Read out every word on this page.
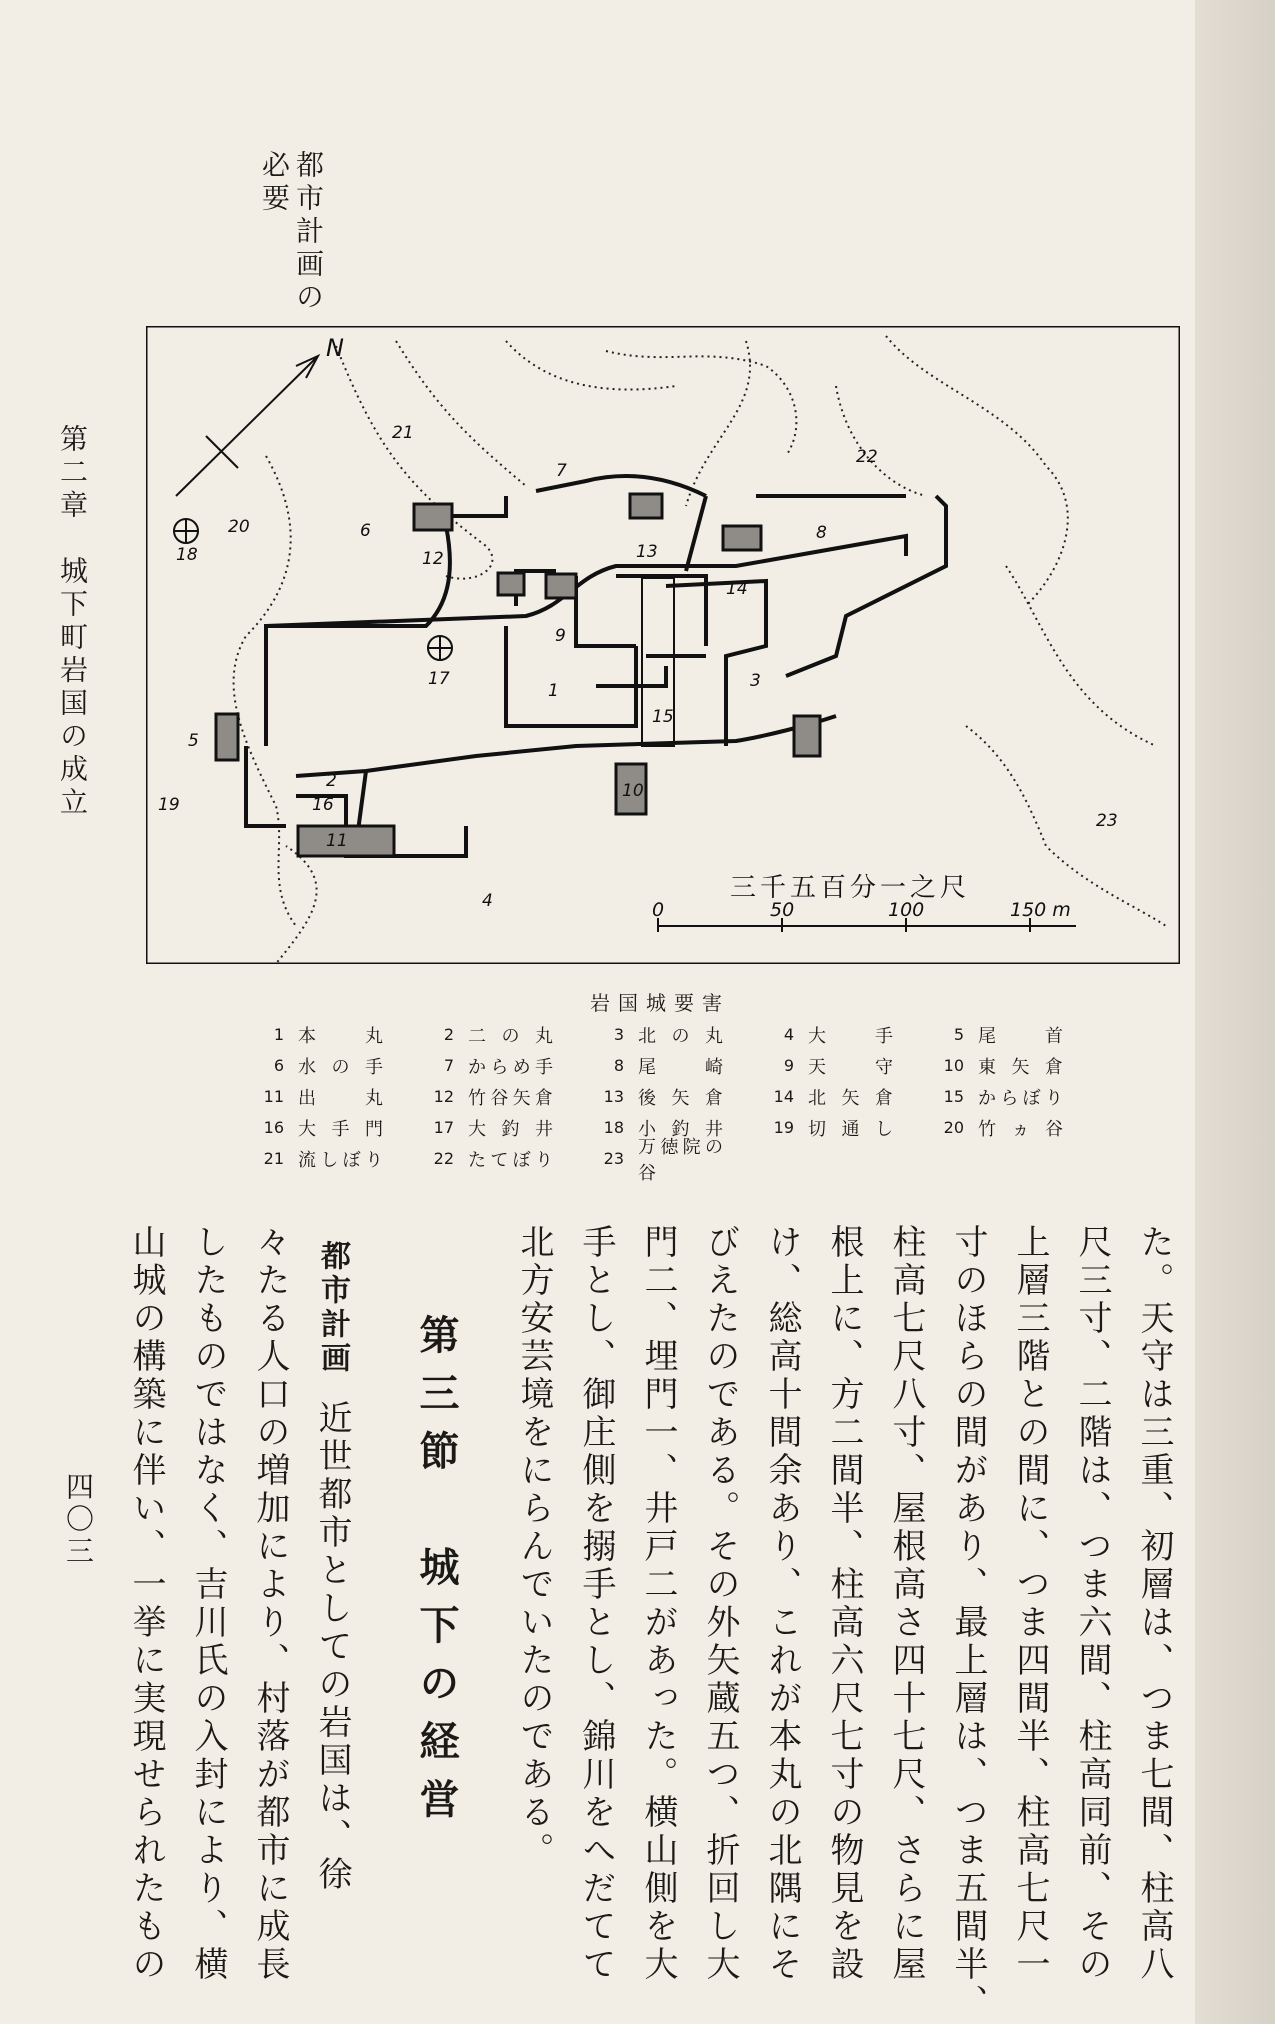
都市計画の
必要
第二章　城下町岩国の成立
N
1
2
3
4
5
6
7
8
9
10
11
12	13
14
15
16
17
18
19
20
21
22
23
三千五百分一之尺
0	50	100	150 m
岩国城要害
1 本丸	2 二の丸	3 北の丸	4 大手	5 尾首
6 水の手	7 からめ手	8 尾崎	9 天守	10 東矢倉
11 出丸	12 竹谷矢倉	13 後矢倉	14 北矢倉	15 からぼり
16 大手門	17 大釣井	18 小釣井	19 切通し	20 竹ヵ谷
21 流しぼり	22 たてぼり	23
万徳院の谷
た。天守は三重、初層は、つま七間、柱高八
尺三寸、二階は、つま六間、柱高同前、その
上層三階との間に、つま四間半、柱高七尺一
寸のほらの間があり、最上層は、つま五間半、
柱高七尺八寸、屋根高さ四十七尺、さらに屋
根上に、方二間半、柱高六尺七寸の物見を設
け、総高十間余あり、これが本丸の北隅にそ
びえたのである。その外矢蔵五つ、折回し大
門二、埋門一、井戸二があった。横山側を大
手とし、御庄側を搦手とし、錦川をへだてて
北方安芸境をにらんでいたのである。
第三節　城下の経営
都市計画
近世都市としての岩国は、徐
々たる人口の増加により、村落が都市に成長
したものではなく、吉川氏の入封により、横
山城の構築に伴い、一挙に実現せられたもの
四〇三
